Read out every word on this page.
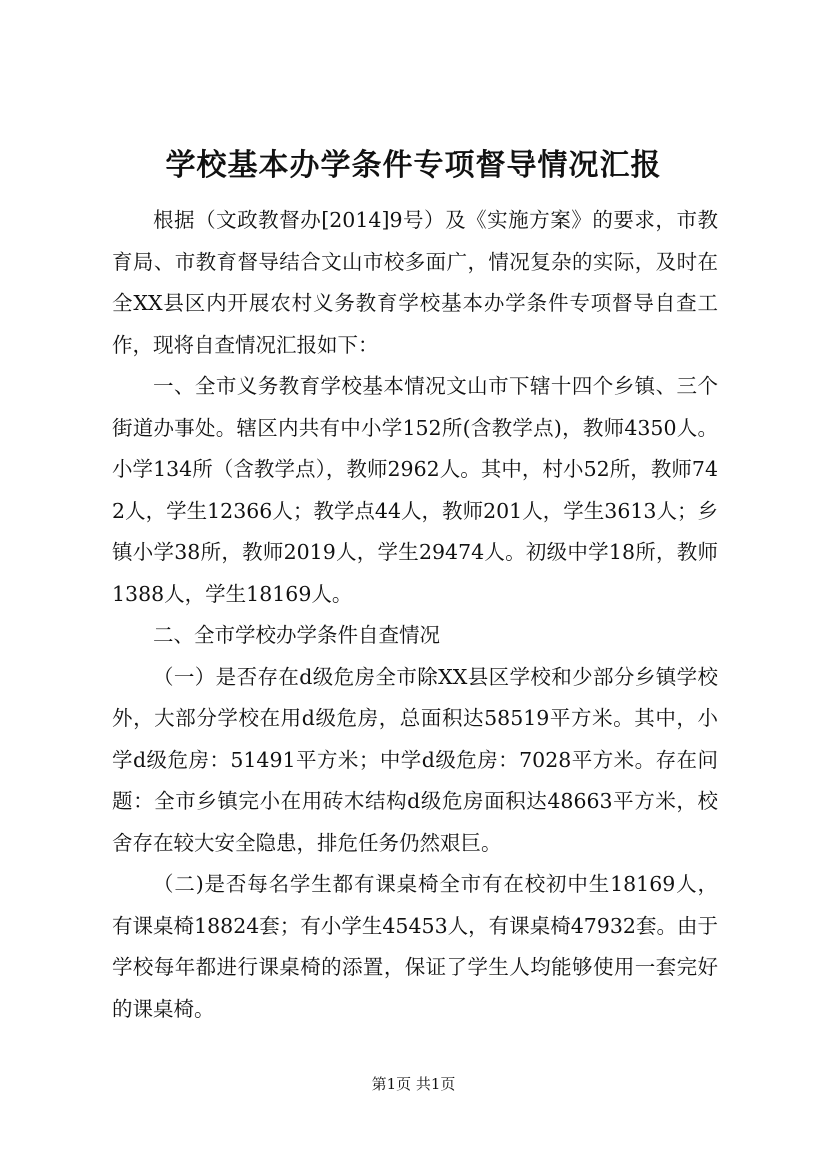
学校基本办学条件专项督导情况汇报

根据（文政教督办[2014]9号）及《实施方案》的要求，市教育局、市教育督导结合文山市校多面广，情况复杂的实际，及时在全XX县区内开展农村义务教育学校基本办学条件专项督导自查工作，现将自查情况汇报如下：

一、全市义务教育学校基本情况文山市下辖十四个乡镇、三个街道办事处。辖区内共有中小学152所(含教学点)，教师4350人。小学134所（含教学点），教师2962人。其中，村小52所，教师742人，学生12366人；教学点44人，教师201人，学生3613人；乡镇小学38所，教师2019人，学生29474人。初级中学18所，教师1388人，学生18169人。

二、全市学校办学条件自查情况

（一）是否存在d级危房全市除XX县区学校和少部分乡镇学校外，大部分学校在用d级危房，总面积达58519平方米。其中，小学d级危房：51491平方米；中学d级危房：7028平方米。存在问题：全市乡镇完小在用砖木结构d级危房面积达48663平方米，校舍存在较大安全隐患，排危任务仍然艰巨。

（二)是否每名学生都有课桌椅全市有在校初中生18169人，有课桌椅18824套；有小学生45453人，有课桌椅47932套。由于学校每年都进行课桌椅的添置，保证了学生人均能够使用一套完好的课桌椅。

第1页 共1页
